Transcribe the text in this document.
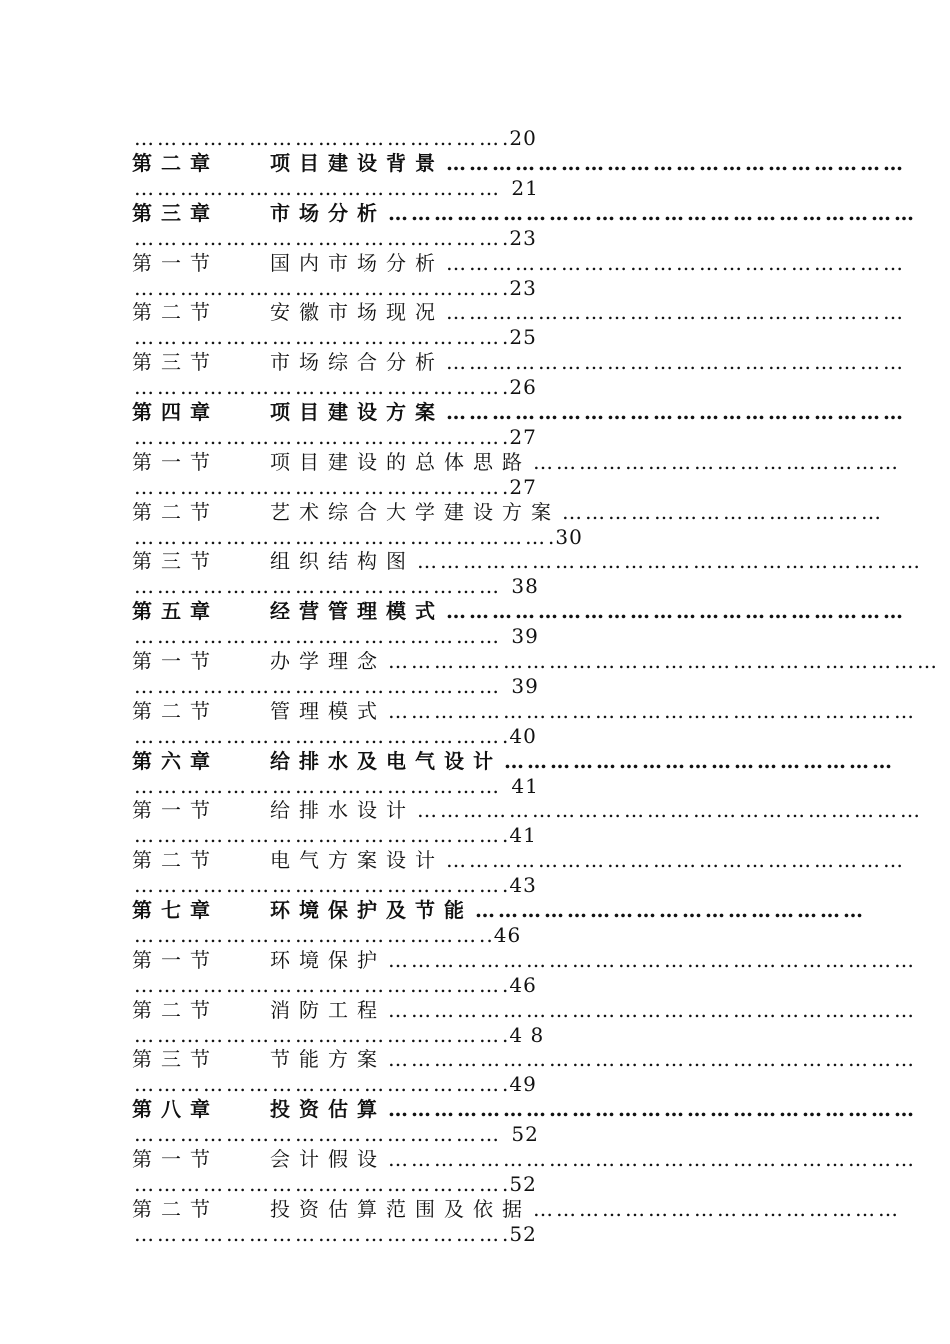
………………………………………….20
第二章	项目建设背景 ……………………………………………………
………………………………………… 21
第三章	市场分析 ……………………………………………………………
………………………………………….23
第一节	国内市场分析 ……………………………………………………
………………………………………….23
第二节	安徽市场现况 ……………………………………………………
………………………………………….25
第三节	市场综合分析 ……………………………………………………
………………………………………….26
第四章	项目建设方案 ……………………………………………………
………………………………………….27
第一节	项目建设的总体思路 …………………………………………
………………………………………….27
第二节	艺术综合大学建设方案 ……………………………………
……………………………………………….30
第三节	组织结构图 …………………………………………………………
………………………………………… 38
第五章	经营管理模式 ……………………………………………………
………………………………………… 39
第一节	办学理念 ………………………………………………………………
………………………………………… 39
第二节	管理模式 ……………………………………………………………
………………………………………….40
第六章	给排水及电气设计 ……………………………………………
………………………………………… 41
第一节	给排水设计 …………………………………………………………
………………………………………….41
第二节	电气方案设计 ……………………………………………………
………………………………………….43
第七章	环境保护及节能 ……………………………………………
………………………………………..46
第一节	环境保护 ……………………………………………………………
………………………………………….46
第二节	消防工程 ……………………………………………………………
………………………………………….4 8
第三节	节能方案 ……………………………………………………………
………………………………………….49
第八章	投资估算 ……………………………………………………………
………………………………………… 52
第一节	会计假设 ……………………………………………………………
………………………………………….52
第二节	投资估算范围及依据 …………………………………………
………………………………………….52
